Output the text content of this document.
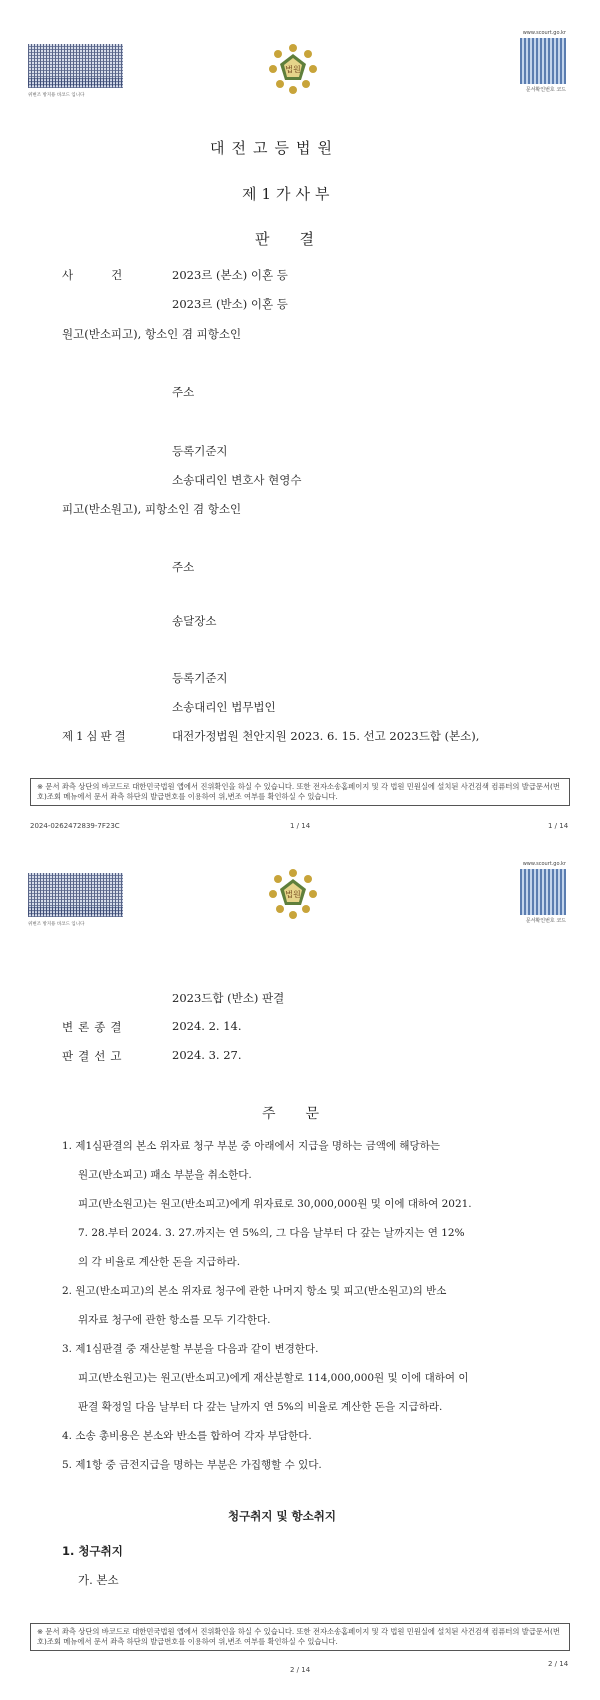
위변조 방지용 바코드 입니다
www.scourt.go.kr
문서확인번호 코드
법원
대전고등법원
제1가사부
판결
사건 2023르 (본소) 이혼 등
2023르 (반소) 이혼 등
원고(반소피고), 항소인 겸 피항소인
주소
등록기준지
소송대리인 변호사 현영수
피고(반소원고), 피항소인 겸 항소인
주소
송달장소
등록기준지
소송대리인 법무법인
제1심판결	대전가정법원 천안지원 2023. 6. 15. 선고 2023드합 (본소),
※ 문서 좌측 상단의 바코드로 대한민국법원 앱에서 진위확인을 하실 수 있습니다. 또한 전자소송홈페이지 및 각 법원 민원실에 설치된 사건검색 컴퓨터의 발급문서(번호)조회 메뉴에서 문서 좌측 하단의 발급번호를 이용하여 위,변조 여부를 확인하실 수 있습니다.
2024-0262472839-7F23C	1 / 14	1 / 14
위변조 방지용 바코드 입니다
www.scourt.go.kr
문서확인번호 코드
법원
2023드합 (반소) 판결
변론종결	2024. 2. 14.
판결선고	2024. 3. 27.
주문
1. 제1심판결의 본소 위자료 청구 부분 중 아래에서 지급을 명하는 금액에 해당하는
원고(반소피고) 패소 부분을 취소한다.
피고(반소원고)는 원고(반소피고)에게 위자료로 30,000,000원 및 이에 대하여 2021.
7. 28.부터 2024. 3. 27.까지는 연 5%의, 그 다음 날부터 다 갚는 날까지는 연 12%
의 각 비율로 계산한 돈을 지급하라.
2. 원고(반소피고)의 본소 위자료 청구에 관한 나머지 항소 및 피고(반소원고)의 반소
위자료 청구에 관한 항소를 모두 기각한다.
3. 제1심판결 중 재산분할 부분을 다음과 같이 변경한다.
피고(반소원고)는 원고(반소피고)에게 재산분할로 114,000,000원 및 이에 대하여 이
판결 확정일 다음 날부터 다 갚는 날까지 연 5%의 비율로 계산한 돈을 지급하라.
4. 소송 총비용은 본소와 반소를 합하여 각자 부담한다.
5. 제1항 중 금전지급을 명하는 부분은 가집행할 수 있다.
청구취지 및 항소취지
1. 청구취지
가. 본소
※ 문서 좌측 상단의 바코드로 대한민국법원 앱에서 진위확인을 하실 수 있습니다. 또한 전자소송홈페이지 및 각 법원 민원실에 설치된 사건검색 컴퓨터의 발급문서(번호)조회 메뉴에서 문서 좌측 하단의 발급번호를 이용하여 위,변조 여부를 확인하실 수 있습니다.
2 / 14
2 / 14
